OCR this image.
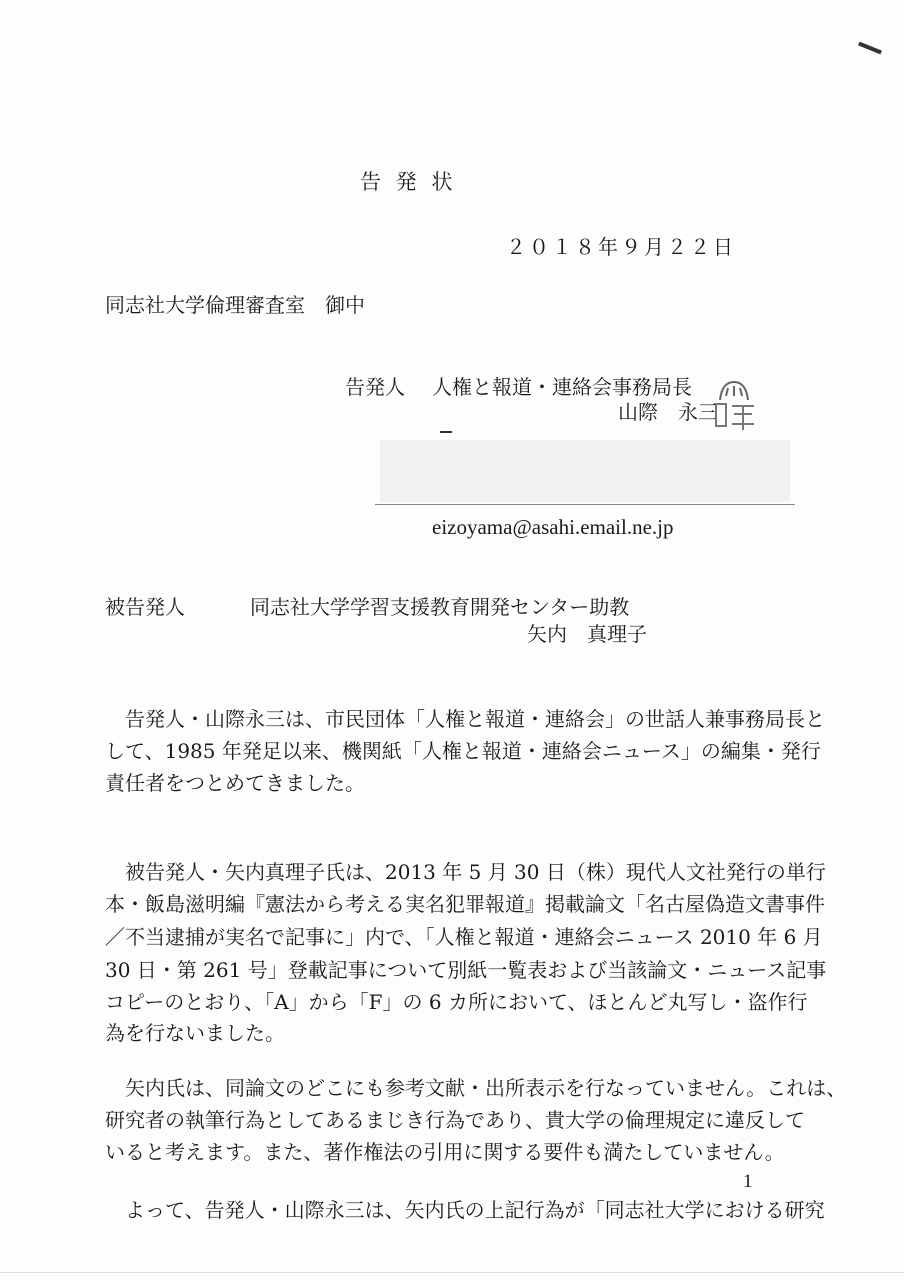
告 発 状
２０１８年９月２２日
同志社大学倫理審査室　御中
告発人 人権と報道・連絡会事務局長
山際　永三
eizoyama@asahi.email.ne.jp
被告発人	同志社大学学習支援教育開発センター助教
矢内　真理子
　告発人・山際永三は、市民団体「人権と報道・連絡会」の世話人兼事務局長と
して、1985 年発足以来、機関紙「人権と報道・連絡会ニュース」の編集・発行
責任者をつとめてきました。
　被告発人・矢内真理子氏は、2013 年 5 月 30 日（株）現代人文社発行の単行
本・飯島滋明編『憲法から考える実名犯罪報道』掲載論文「名古屋偽造文書事件
／不当逮捕が実名で記事に」内で、「人権と報道・連絡会ニュース 2010 年 6 月
30 日・第 261 号」登載記事について別紙一覧表および当該論文・ニュース記事
コピーのとおり、「A」から「F」の 6 カ所において、ほとんど丸写し・盗作行
為を行ないました。
　矢内氏は、同論文のどこにも参考文献・出所表示を行なっていません。これは、
研究者の執筆行為としてあるまじき行為であり、貴大学の倫理規定に違反して
いると考えます。また、著作権法の引用に関する要件も満たしていません。
　よって、告発人・山際永三は、矢内氏の上記行為が「同志社大学における研究
1
